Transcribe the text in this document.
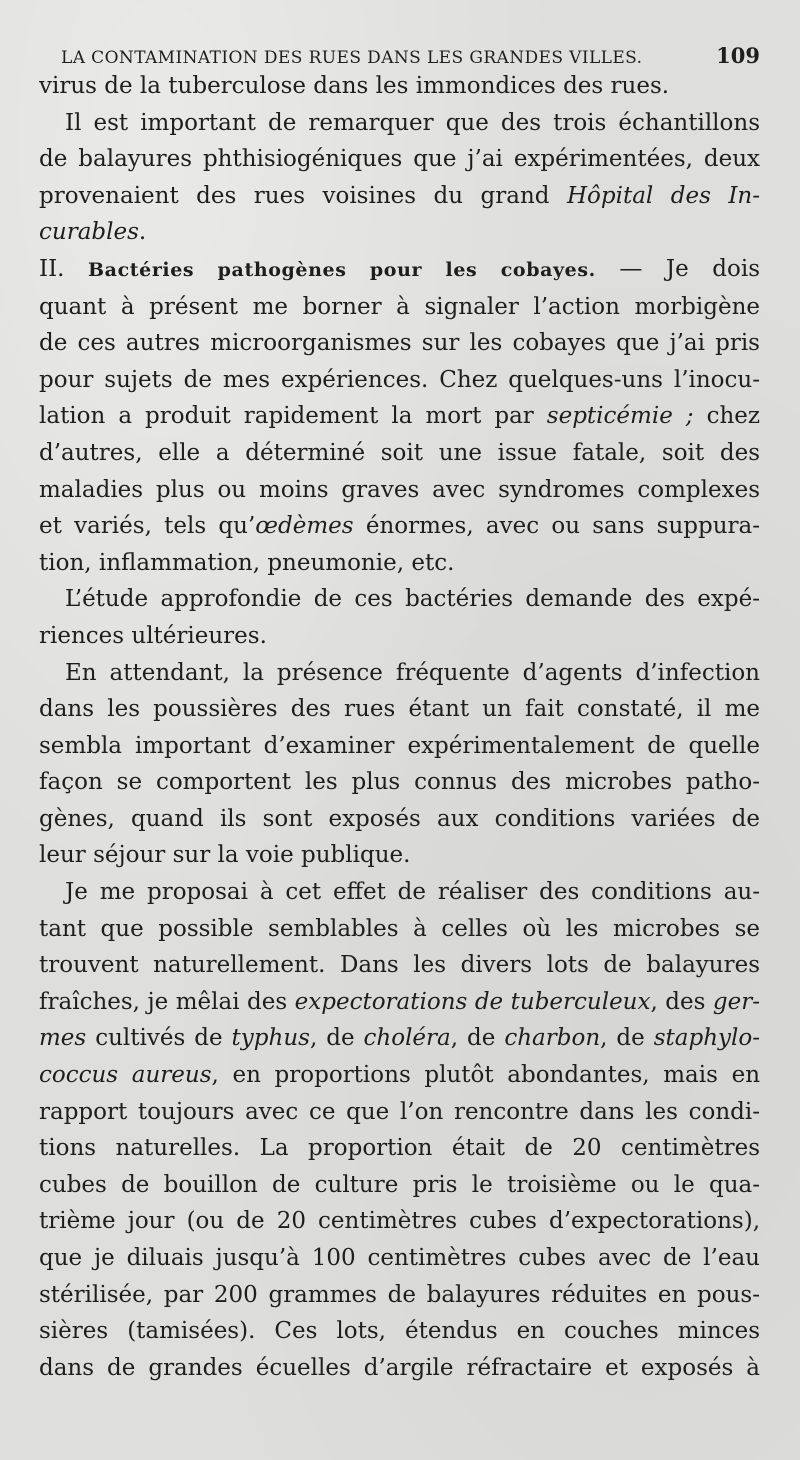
LA CONTAMINATION DES RUES DANS LES GRANDES VILLES.	109
virus de la tuberculose dans les immondices des rues.
Il est important de remarquer que des trois échantillons
de balayures phthisiogéniques que j’ai expérimentées, deux
provenaient des rues voisines du grand Hôpital des In-
curables.
II. Bactéries pathogènes pour les cobayes. — Je dois
quant à présent me borner à signaler l’action morbigène
de ces autres microorganismes sur les cobayes que j’ai pris
pour sujets de mes expériences. Chez quelques-uns l’inocu-
lation a produit rapidement la mort par septicémie ; chez
d’autres, elle a déterminé soit une issue fatale, soit des
maladies plus ou moins graves avec syndromes complexes
et variés, tels qu’œdèmes énormes, avec ou sans suppura-
tion, inflammation, pneumonie, etc.
L’étude approfondie de ces bactéries demande des expé-
riences ultérieures.
En attendant, la présence fréquente d’agents d’infection
dans les poussières des rues étant un fait constaté, il me
sembla important d’examiner expérimentalement de quelle
façon se comportent les plus connus des microbes patho-
gènes, quand ils sont exposés aux conditions variées de
leur séjour sur la voie publique.
Je me proposai à cet effet de réaliser des conditions au-
tant que possible semblables à celles où les microbes se
trouvent naturellement. Dans les divers lots de balayures
fraîches, je mêlai des expectorations de tuberculeux, des ger-
mes cultivés de typhus, de choléra, de charbon, de staphylo-
coccus aureus, en proportions plutôt abondantes, mais en
rapport toujours avec ce que l’on rencontre dans les condi-
tions naturelles. La proportion était de 20 centimètres
cubes de bouillon de culture pris le troisième ou le qua-
trième jour (ou de 20 centimètres cubes d’expectorations),
que je diluais jusqu’à 100 centimètres cubes avec de l’eau
stérilisée, par 200 grammes de balayures réduites en pous-
sières (tamisées). Ces lots, étendus en couches minces
dans de grandes écuelles d’argile réfractaire et exposés à
